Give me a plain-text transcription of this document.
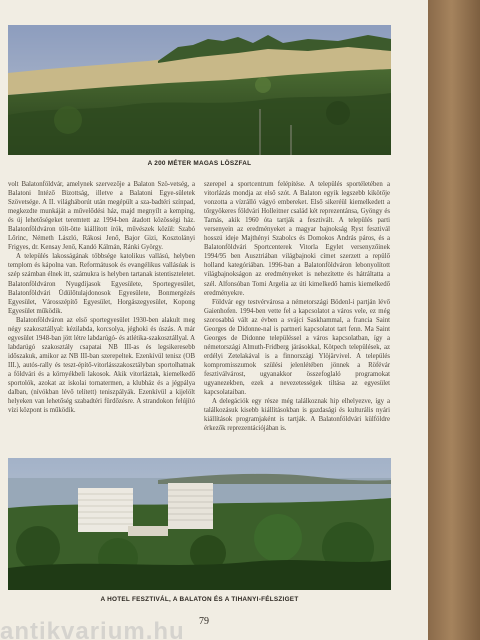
A 200 MÉTER MAGAS LÖSZFAL

volt Balatonföldvár, amelynek szervezője a Balaton Szö-vetség, a Balatoni Intéző Bizottság, illetve a Balatoni Egye-sületek Szövetsége. A II. világháborút után megépült a sza-badtéri színpad, megkezdte munkáját a művelődési ház, majd megnyílt a kemping, és új lehetőségeket teremtett az 1994-ben átadott közösségi ház. Balatonföldváron tölt-ötte kiállított írók, művészek közül: Szabó Lőrinc, Németh László, Rákosi Jenő, Bajor Gizi, Kosztolányi Frigyes, dr. Kensay Jenő, Kandó Kálmán, Ránki György.

A település lakosságának többsége katolikus vallású, helyben templom és kápolna van. Reformátusok és evangélikus vallásúak is szép számban élnek itt, számukra is helyben tartanak istentiszteletet. Balatonföldváron Nyugdíjasok Egyesülete, Sportegyesület, Balatonföldvári Üdülőtulajdonosok Egyesülete, Bonmergézés Egyesület, Városszépítő Egyesület, Horgászegyesület, Kopong Egyesület működik.

Balatonföldváron az első sportegyesület 1930-ben alakult meg négy szakosztállyal: kézilabda, korcsolya, jéghoki és úszás. A már egyesület 1948-ban jött létre labdarúgó- és atlétika-szakosztállyal. A labdarúgó szakosztály csapatai NB III-as és legsikeresebb időszakuk, amikor az NB III-ban szerepeltek. Ezenkívül tenisz (OB III.), autós-rally és teszt-építő-vitorlásszakosztályban sportolhatnak a földvári és a környékbeli lakosok. Akik vitorláztak, kiemelkedő sportolók, azokat az iskolai tornatermen, a klubház és a jégpálya dalban, (nívókban lévő telített) teniszpályák. Ezenkívül a kijelölt helyeken van lehetőség szabadtéri fürdőzésre. A strandokon felújító vízi központ is működik.

szerepel a sportcentrum felépítése. A település sportéletében a vitorlázás mondja az első szót. A Balaton egyik legszebb kikötője vonzotta a vízrálló vágyó embereket. Első sikeréül kiemelkedett a tőrgyökeres földvári Holleitner család két reprezentánsa, Gyöngy és Tamás, akik 1960 óta tartják a fesztivált. A település parti versenyein az eredményeket a magyar bajnokság Ryst fesztivál hosszú ideje Majthényi Szabolcs és Domokos András páros, és a Balatonföldvári Sportcenterek Vitorla Egylet versenyzőinek 1994/95 ben Ausztriában világbajnoki címet szerzett a repülő holland kategóriában. 1996-ban a Balatonföldváron lebonyolított világbajnokságon az eredményeket is nehezítette és hátráltatta a szél. Alfonsóban Tomi Argelia az úti kimelkedő hamis kiemelkedő eredményekre.

Földvár egy testvérvárosa a németországi Bödenl-i partján lévő Gaienhofen. 1994-ben vette fel a kapcsolatot a város vele, ez még szorosabbá vált az évben a svájci Saskhammal, a francia Saint Georges de Didonne-nal is partneri kapcsolatot tart fenn. Ma Saint Georges de Didonne településsel a város kapcsolatban, így a németországi Almuth-Fridberg járásokkal, Kötpech települések, az erdélyi Zetelakával is a finnországi Ylöjärvivel. A település kompromisszumok szülési jelenlétében jönnek a Röfévár fesztiválvárost, ugyanakkor összefoglaló programokat ugyanezekben, ezek a nevezetességek tiltása az egyesület kapcsolataiban.

A delegációk egy része még találkoznak hip elhelyezve, így a találkozásuk kisebb kiállításokban is gazdasági és kulturális nyári kiállítások programjaként is tartják. A Balatonföldvári külföldre érkezők reprezentációjában is.

A HOTEL FESZTIVÁL, A BALATON ÉS A TIHANYI-FÉLSZIGET
79
antikvarium.hu
